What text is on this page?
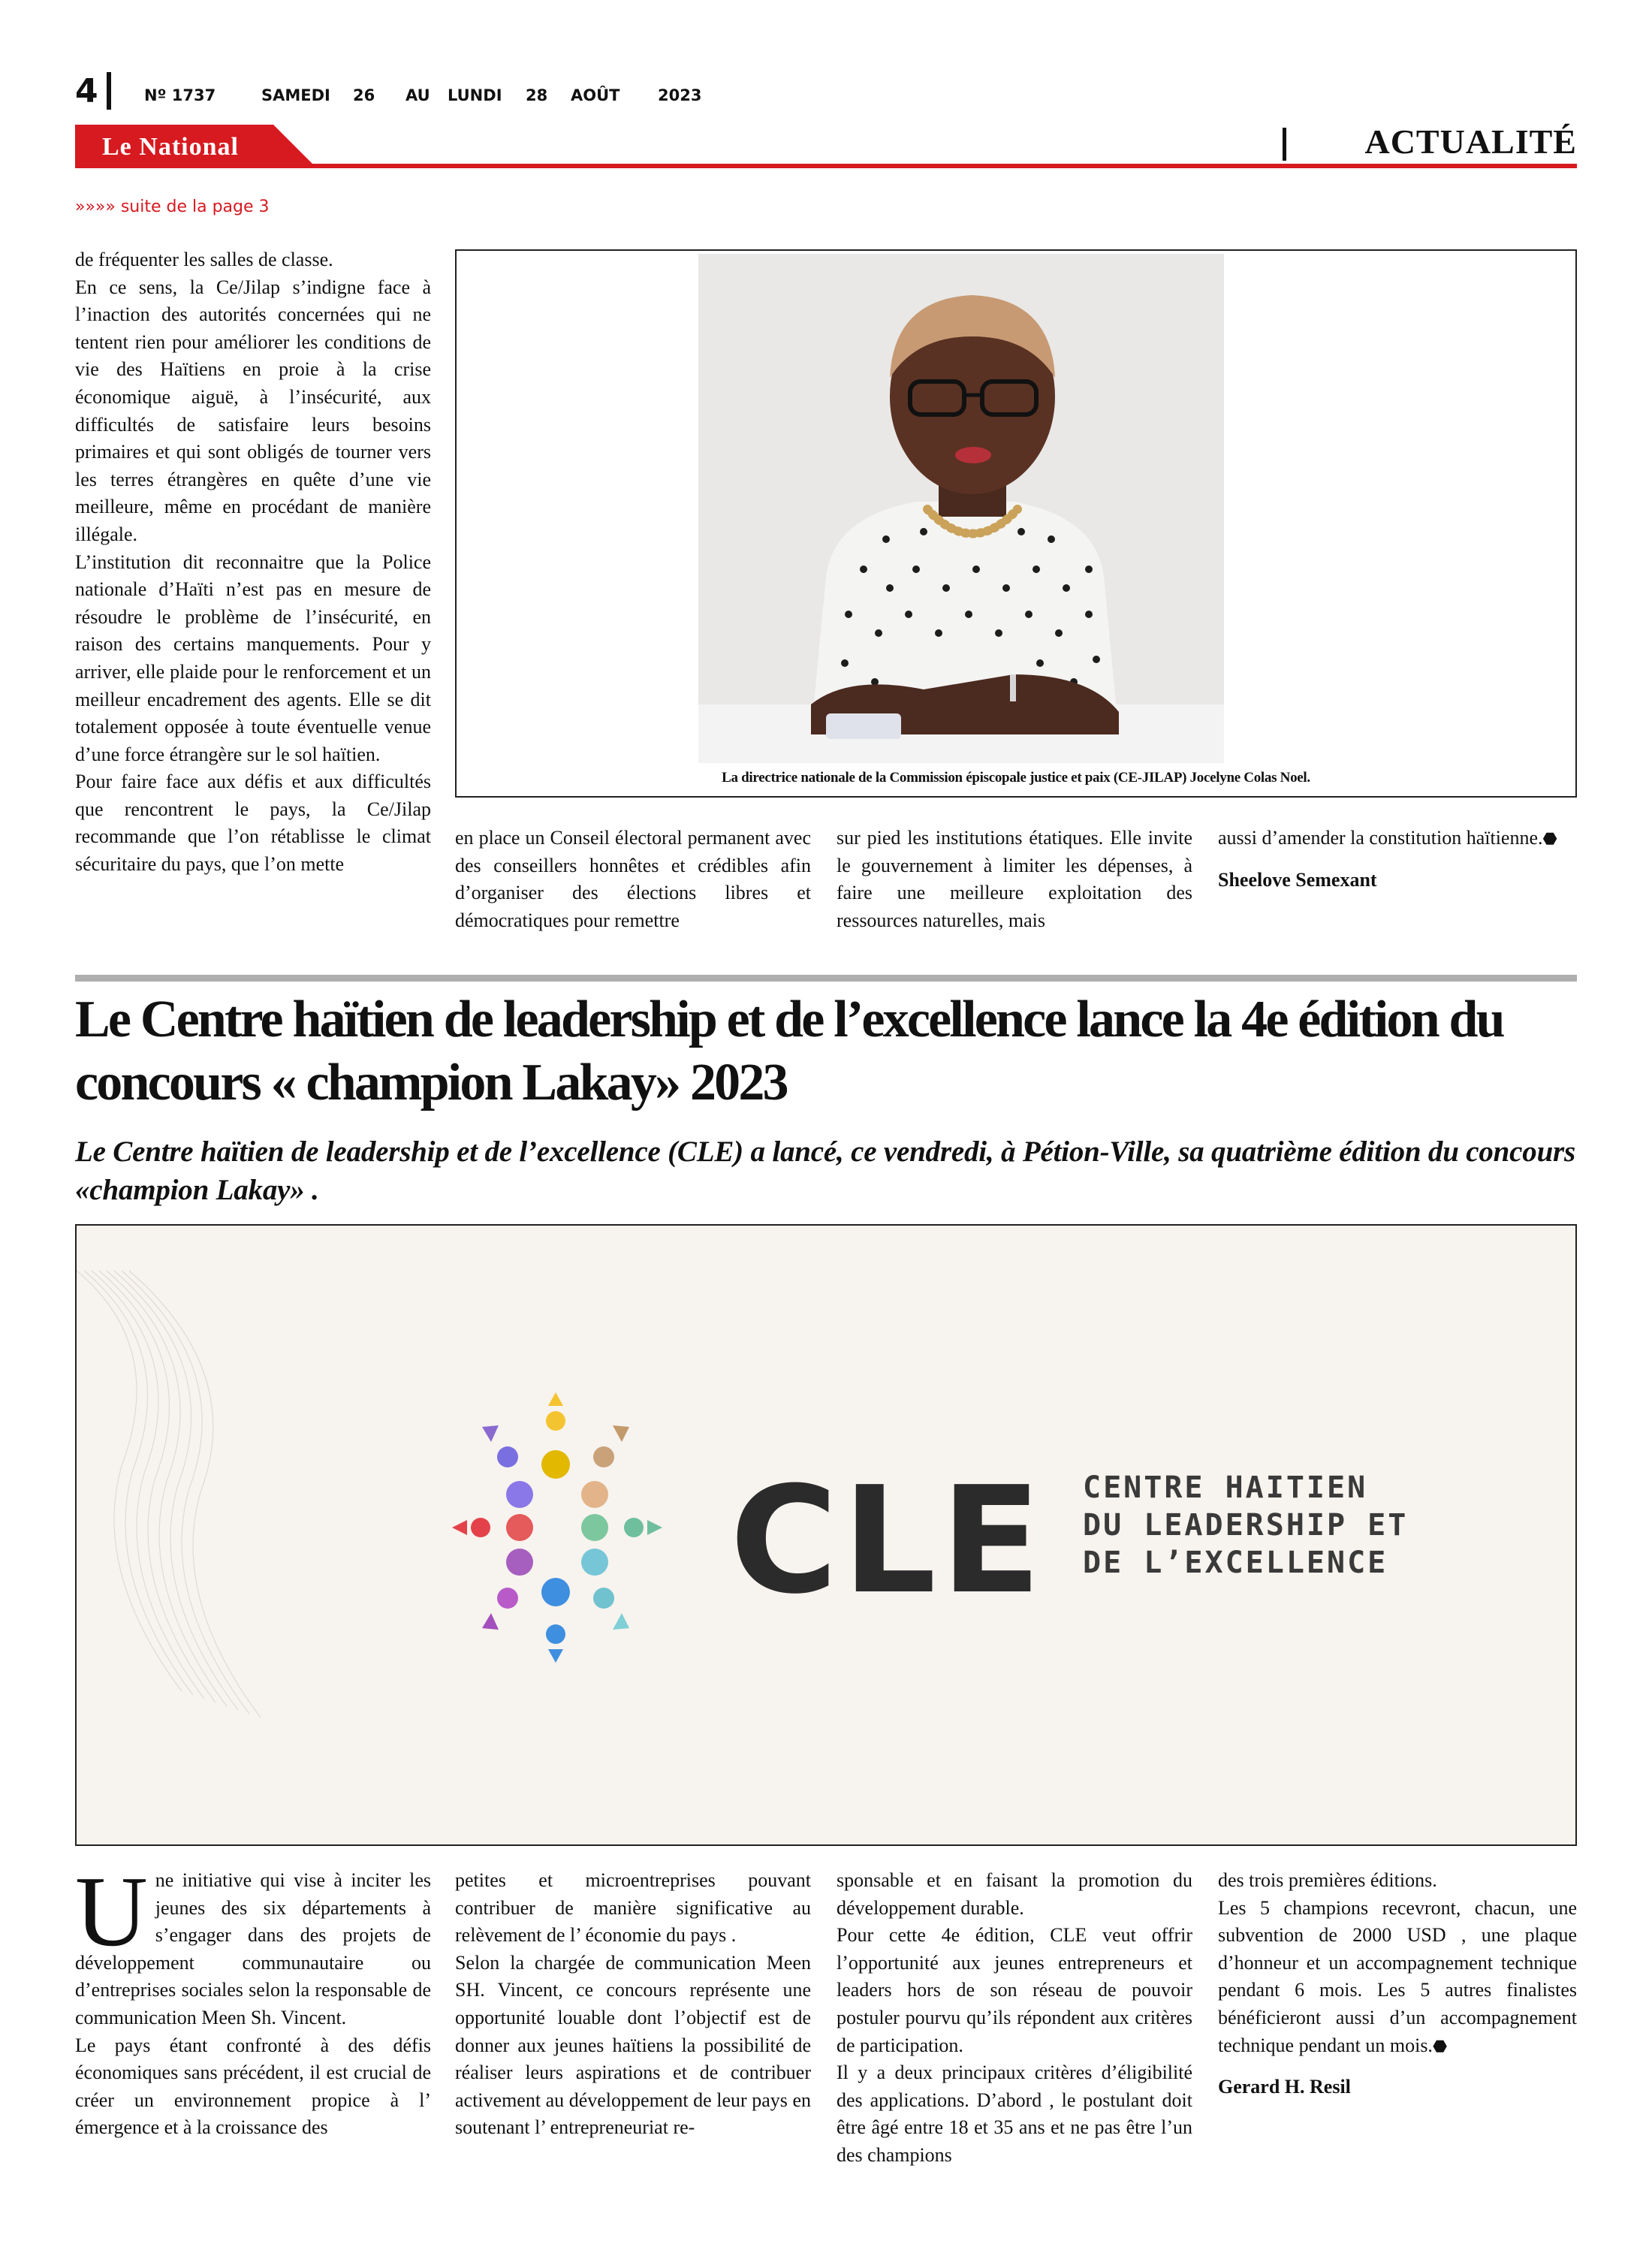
4	Nº 1737	SAMEDI 26 AU LUNDI 28 AOÛT 2023
Le National	ACTUALITÉ
»»»» suite de la page 3

de fréquenter les salles de classe.

En ce sens, la Ce/Jilap s’indigne face à l’inaction des autorités concernées qui ne tentent rien pour améliorer les conditions de vie des Haïtiens en proie à la crise économique aiguë, à l’insécurité, aux difficultés de satisfaire leurs besoins primaires et qui sont obligés de tourner vers les terres étrangères en quête d’une vie meilleure, même en procédant de manière illégale.

L’institution dit reconnaitre que la Police nationale d’Haïti n’est pas en mesure de résoudre le problème de l’insécurité, en raison des certains manquements. Pour y arriver, elle plaide pour le renforcement et un meilleur encadrement des agents. Elle se dit totalement opposée à toute éventuelle venue d’une force étrangère sur le sol haïtien.

Pour faire face aux défis et aux difficultés que rencontrent le pays, la Ce/Jilap recommande que l’on rétablisse le climat sécuritaire du pays, que l’on mette

La directrice nationale de la Commission épiscopale justice et paix (CE-JILAP) Jocelyne Colas Noel.

en place un Conseil électoral permanent avec des conseillers honnêtes et crédibles afin d’organiser des élections libres et démocratiques pour remettre

sur pied les institutions étatiques. Elle invite le gouvernement à limiter les dépenses, à faire une meilleure exploitation des ressources naturelles, mais

aussi d’amender la constitution haïtienne.⬣

Sheelove Semexant

Le Centre haïtien de leadership et de l’excellence lance la 4e édition du concours « champion Lakay» 2023
Le Centre haïtien de leadership et de l’excellence (CLE) a lancé, ce vendredi, à Pétion-Ville, sa quatrième édition du concours «champion Lakay» .
CLE CENTRE HAITIEN
DU LEADERSHIP ET
DE L’EXCELLENCE

Une initiative qui vise à inciter les jeunes des six départements à s’engager dans des projets de développement communautaire ou d’entreprises sociales selon la responsable de communication Meen Sh. Vincent.

Le pays étant confronté à des défis économiques sans précédent, il est crucial de créer un environnement propice à l’ émergence et à la croissance des

petites et microentreprises pouvant contribuer de manière significative au relèvement de l’ économie du pays .

Selon la chargée de communication Meen SH. Vincent, ce concours représente une opportunité louable dont l’objectif est de donner aux jeunes haïtiens la possibilité de réaliser leurs aspirations et de contribuer activement au développement de leur pays en soutenant l’ entrepreneuriat re-

sponsable et en faisant la promotion du développement durable.

Pour cette 4e édition, CLE veut offrir l’opportunité aux jeunes entrepreneurs et leaders hors de son réseau de pouvoir postuler pourvu qu’ils répondent aux critères de participation.

Il y a deux principaux critères d’éligibilité des applications. D’abord , le postulant doit être âgé entre 18 et 35 ans et ne pas être l’un des champions

des trois premières éditions.

Les 5 champions recevront, chacun, une subvention de 2000 USD , une plaque d’honneur et un accompagnement technique pendant 6 mois. Les 5 autres finalistes bénéficieront aussi d’un accompagnement technique pendant un mois.⬣

Gerard H. Resil
